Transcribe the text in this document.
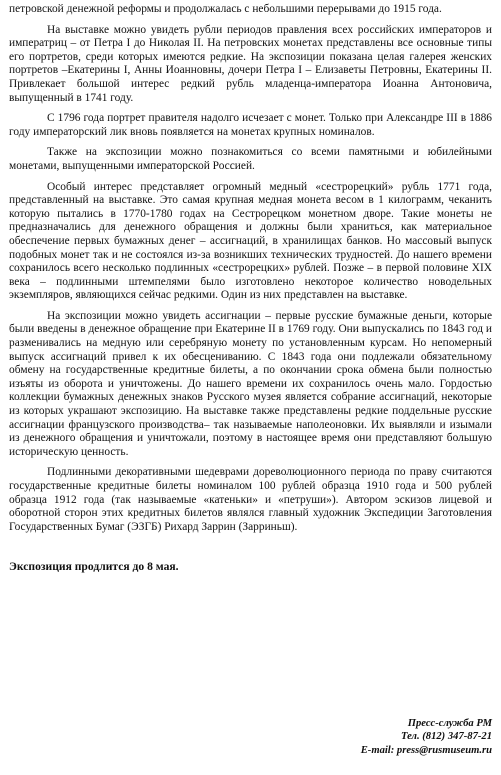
петровской денежной реформы и продолжалась с небольшими перерывами до 1915 года.

На выставке можно увидеть рубли периодов правления всех российских императоров и императриц – от Петра I до Николая II. На петровских монетах представлены все основные типы его портретов, среди которых имеются редкие. На экспозиции показана целая галерея женских портретов –Екатерины I, Анны Иоанновны, дочери Петра I – Елизаветы Петровны, Екатерины II. Привлекает большой интерес редкий рубль младенца-императора Иоанна Антоновича, выпущенный в 1741 году.

С 1796 года портрет правителя надолго исчезает с монет. Только при Александре III в 1886 году императорский лик вновь появляется на монетах крупных номиналов.

Также на экспозиции можно познакомиться со всеми памятными и юбилейными монетами, выпущенными императорской Россией.

Особый интерес представляет огромный медный «сестрорецкий» рубль 1771 года, представленный на выставке. Это самая крупная медная монета весом в 1 килограмм, чеканить которую пытались в 1770-1780 годах на Сестрорецком монетном дворе. Такие монеты не предназначались для денежного обращения и должны были храниться, как материальное обеспечение первых бумажных денег – ассигнаций, в хранилищах банков. Но массовый выпуск подобных монет так и не состоялся из-за возникших технических трудностей. До нашего времени сохранилось всего несколько подлинных «сестрорецких» рублей. Позже – в первой половине XIX века – подлинными штемпелями было изготовлено некоторое количество новодельных экземпляров, являющихся сейчас редкими. Один из них представлен на выставке.

На экспозиции можно увидеть ассигнации – первые русские бумажные деньги, которые были введены в денежное обращение при Екатерине II в 1769 году. Они выпускались по 1843 год и разменивались на медную или серебряную монету по установленным курсам. Но непомерный выпуск ассигнаций привел к их обесцениванию. С 1843 года они подлежали обязательному обмену на государственные кредитные билеты, а по окончании срока обмена были полностью изъяты из оборота и уничтожены. До нашего времени их сохранилось очень мало. Гордостью коллекции бумажных денежных знаков Русского музея является собрание ассигнаций, некоторые из которых украшают экспозицию. На выставке также представлены редкие поддельные русские ассигнации французского производства– так называемые наполеоновки. Их выявляли и изымали из денежного обращения и уничтожали, поэтому в настоящее время они представляют большую историческую ценность.

Подлинными декоративными шедеврами дореволюционного периода по праву считаются государственные кредитные билеты номиналом 100 рублей образца 1910 года и 500 рублей образца 1912 года (так называемые «катеньки» и «петруши»). Автором эскизов лицевой и оборотной сторон этих кредитных билетов являлся главный художник Экспедиции Заготовления Государственных Бумаг (ЭЗГБ) Рихард Заррин (Зарриньш).

Экспозиция продлится до 8 мая.

Пресс-служба РМ
Тел. (812) 347-87-21
E-mail: press@rusmuseum.ru
